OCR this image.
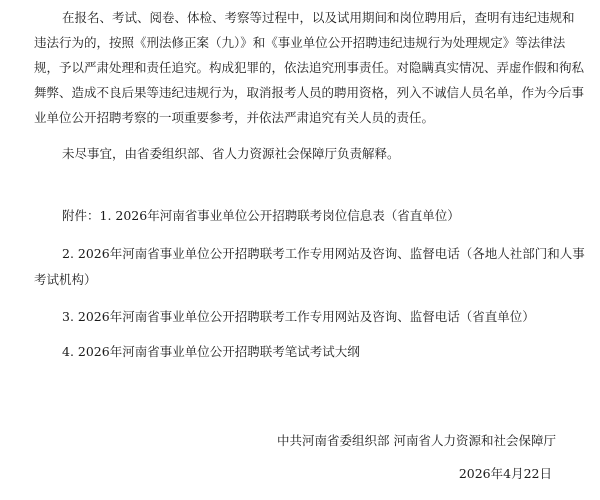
在报名、考试、阅卷、体检、考察等过程中，以及试用期间和岗位聘用后，查明有违纪违规和
违法行为的，按照《刑法修正案（九）》和《事业单位公开招聘违纪违规行为处理规定》等法律法
规，予以严肃处理和责任追究。构成犯罪的，依法追究刑事责任。对隐瞒真实情况、弄虚作假和徇私
舞弊、造成不良后果等违纪违规行为，取消报考人员的聘用资格，列入不诚信人员名单，作为今后事
业单位公开招聘考察的一项重要参考，并依法严肃追究有关人员的责任。
未尽事宜，由省委组织部、省人力资源社会保障厅负责解释。
附件：1. 2026年河南省事业单位公开招聘联考岗位信息表（省直单位）
2. 2026年河南省事业单位公开招聘联考工作专用网站及咨询、监督电话（各地人社部门和人事
考试机构）
3. 2026年河南省事业单位公开招聘联考工作专用网站及咨询、监督电话（省直单位）
4. 2026年河南省事业单位公开招聘联考笔试考试大纲
中共河南省委组织部 河南省人力资源和社会保障厅
2026年4月22日
